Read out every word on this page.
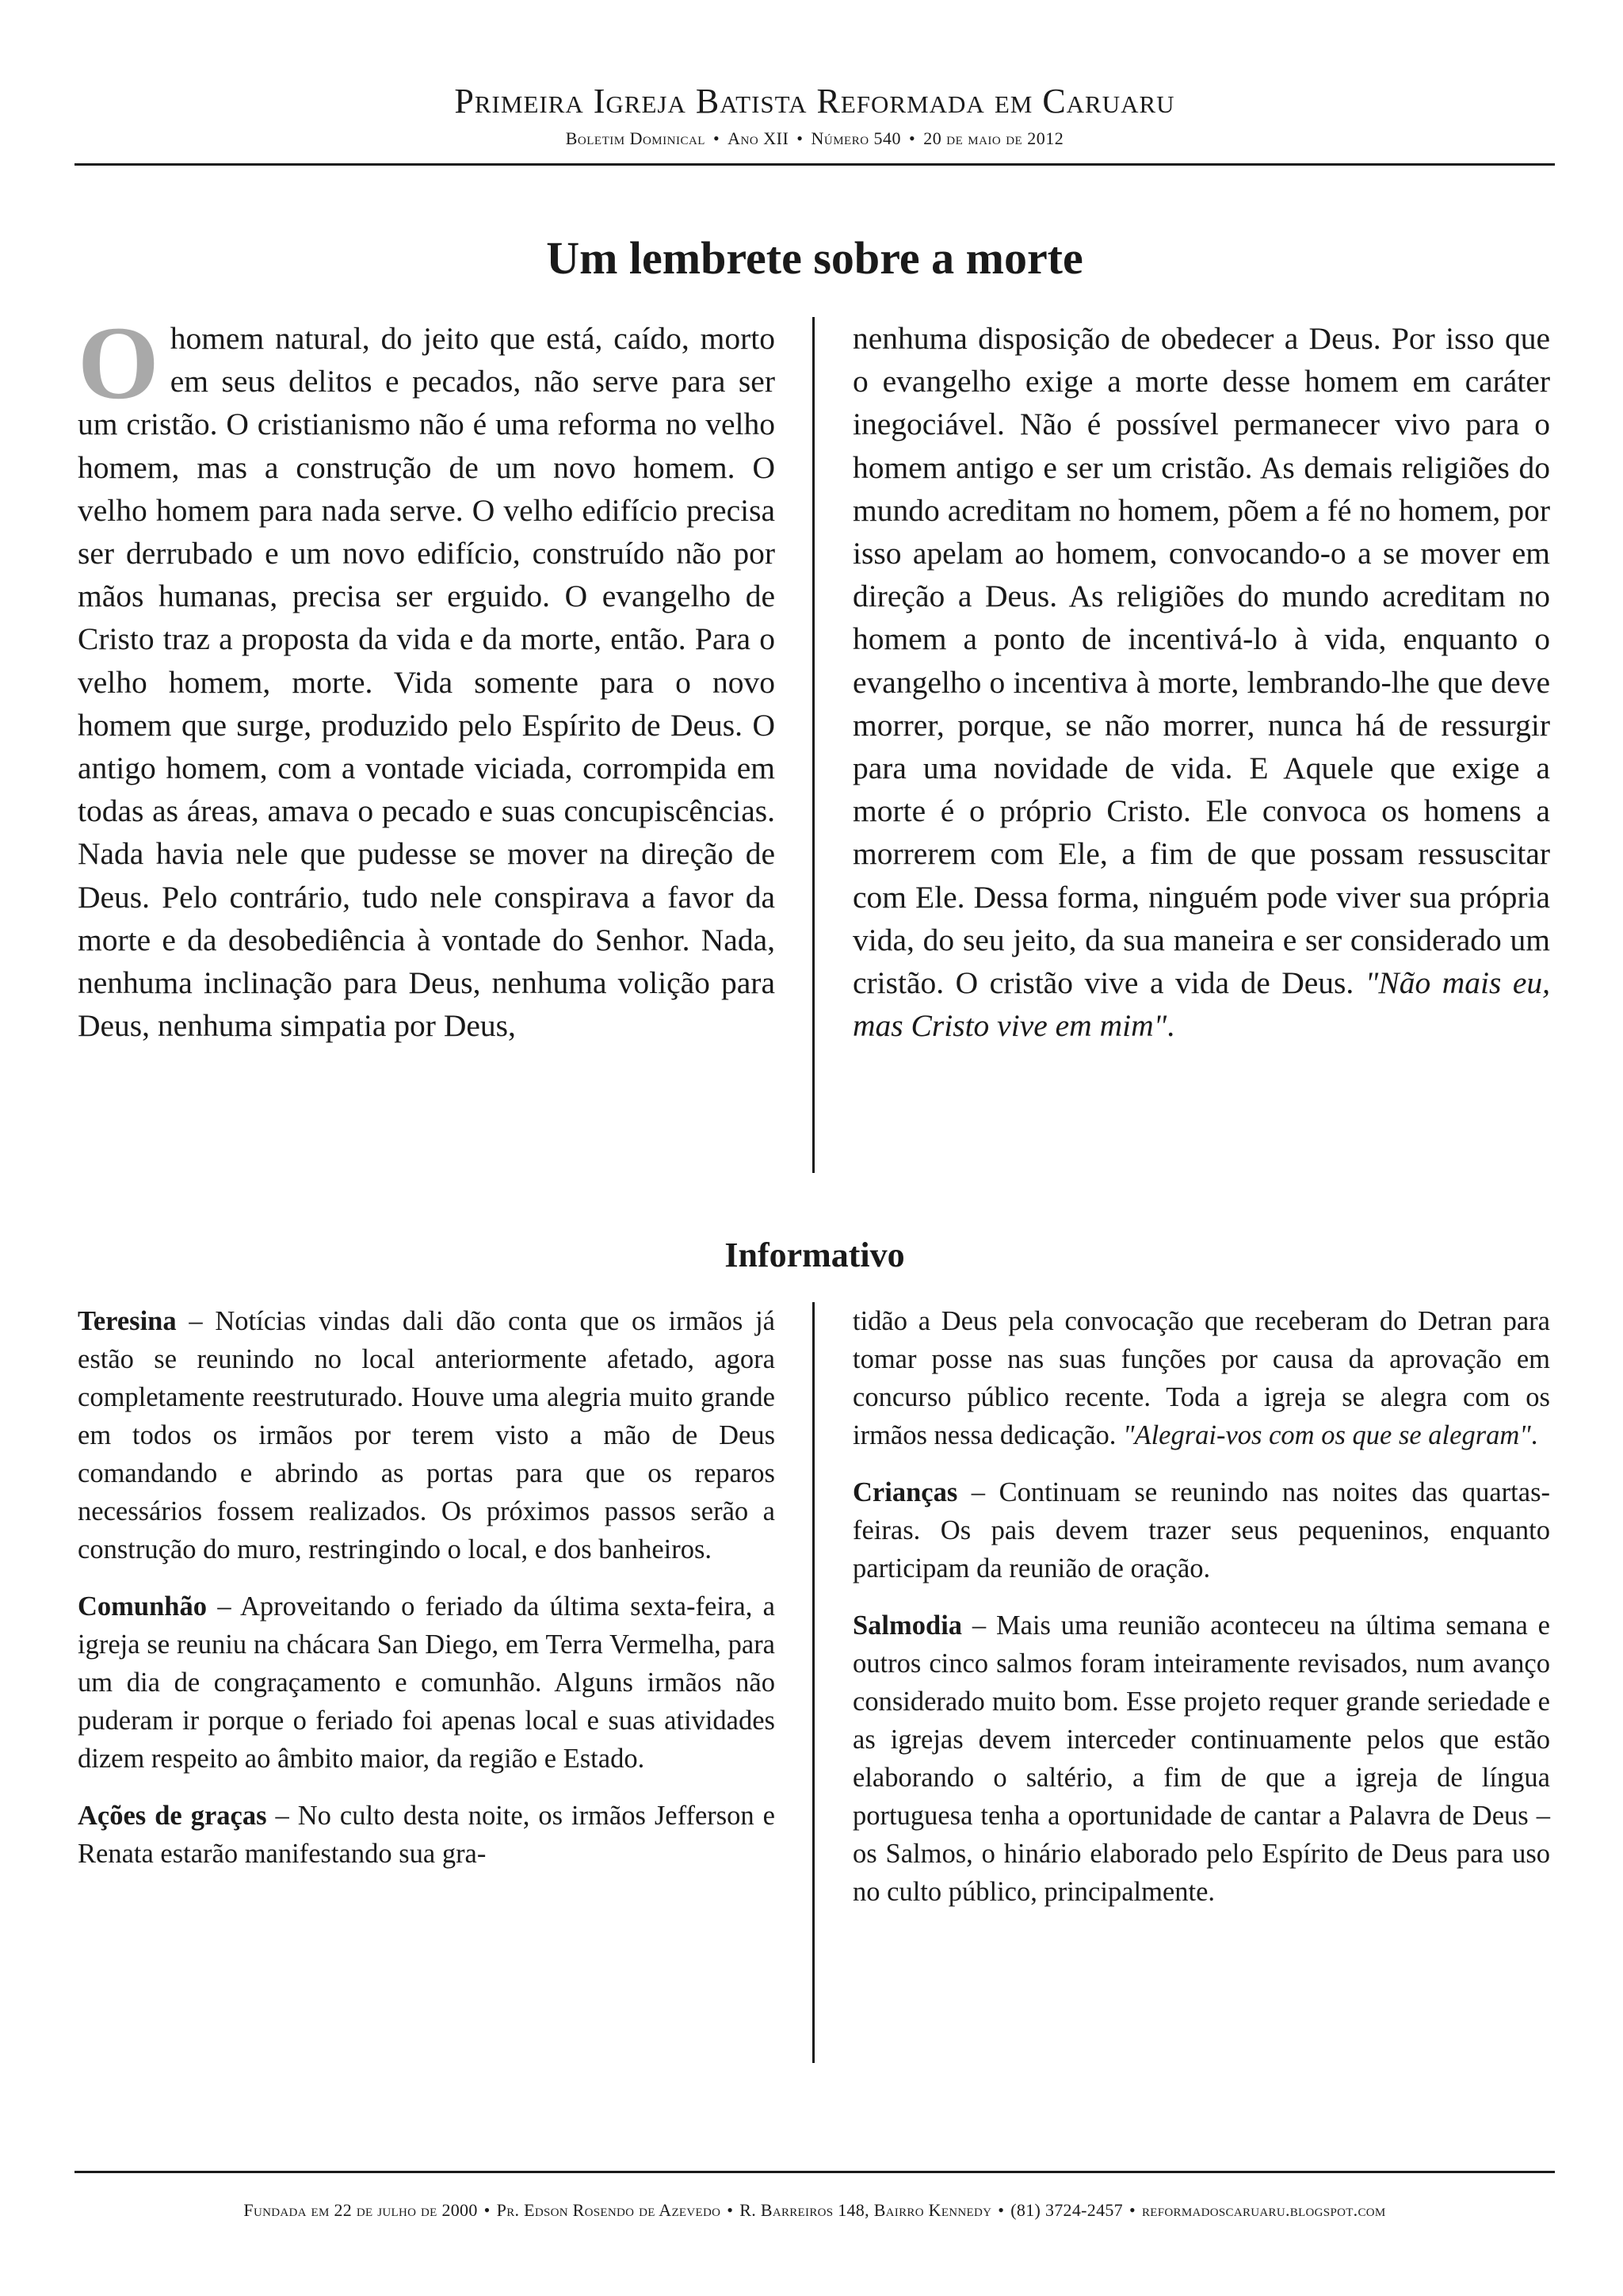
Primeira Igreja Batista Reformada em Caruaru
Boletim Dominical • Ano XII • Número 540 • 20 de maio de 2012
Um lembrete sobre a morte

O homem natural, do jeito que está, caído, morto em seus delitos e pecados, não serve para ser um cristão. O cristianismo não é uma reforma no velho homem, mas a construção de um novo homem. O velho homem para nada serve. O velho edifício precisa ser derrubado e um novo edifício, construído não por mãos humanas, precisa ser erguido. O evangelho de Cristo traz a proposta da vida e da morte, então. Para o velho homem, morte. Vida somente para o novo homem que surge, produzido pelo Espírito de Deus. O antigo homem, com a vontade viciada, corrompida em todas as áreas, amava o pecado e suas concupiscências. Nada havia nele que pudesse se mover na direção de Deus. Pelo contrário, tudo nele conspirava a favor da morte e da desobediência à vontade do Senhor. Nada, nenhuma inclinação para Deus, nenhuma volição para Deus, nenhuma simpatia por Deus,

nenhuma disposição de obedecer a Deus. Por isso que o evangelho exige a morte desse homem em caráter inegociável. Não é possível permanecer vivo para o homem antigo e ser um cristão. As demais religiões do mundo acreditam no homem, põem a fé no homem, por isso apelam ao homem, convocando-o a se mover em direção a Deus. As religiões do mundo acreditam no homem a ponto de incentivá-lo à vida, enquanto o evangelho o incentiva à morte, lembrando-lhe que deve morrer, porque, se não morrer, nunca há de ressurgir para uma novidade de vida. E Aquele que exige a morte é o próprio Cristo. Ele convoca os homens a morrerem com Ele, a fim de que possam ressuscitar com Ele. Dessa forma, ninguém pode viver sua própria vida, do seu jeito, da sua maneira e ser considerado um cristão. O cristão vive a vida de Deus. "Não mais eu, mas Cristo vive em mim".

Informativo

Teresina – Notícias vindas dali dão conta que os irmãos já estão se reunindo no local anteriormente afetado, agora completamente reestruturado. Houve uma alegria muito grande em todos os irmãos por terem visto a mão de Deus comandando e abrindo as portas para que os reparos necessários fossem realizados. Os próximos passos serão a construção do muro, restringindo o local, e dos banheiros.

Comunhão – Aproveitando o feriado da última sexta-feira, a igreja se reuniu na chácara San Diego, em Terra Vermelha, para um dia de congraçamento e comunhão. Alguns irmãos não puderam ir porque o feriado foi apenas local e suas atividades dizem respeito ao âmbito maior, da região e Estado.

Ações de graças – No culto desta noite, os irmãos Jefferson e Renata estarão manifestando sua gra-

tidão a Deus pela convocação que receberam do Detran para tomar posse nas suas funções por causa da aprovação em concurso público recente. Toda a igreja se alegra com os irmãos nessa dedicação. "Alegrai-vos com os que se alegram".

Crianças – Continuam se reunindo nas noites das quartas-feiras. Os pais devem trazer seus pequeninos, enquanto participam da reunião de oração.

Salmodia – Mais uma reunião aconteceu na última semana e outros cinco salmos foram inteiramente revisados, num avanço considerado muito bom. Esse projeto requer grande seriedade e as igrejas devem interceder continuamente pelos que estão elaborando o saltério, a fim de que a igreja de língua portuguesa tenha a oportunidade de cantar a Palavra de Deus – os Salmos, o hinário elaborado pelo Espírito de Deus para uso no culto público, principalmente.

Fundada em 22 de julho de 2000 • Pr. Edson Rosendo de Azevedo • R. Barreiros 148, Bairro Kennedy • (81) 3724-2457 • reformadoscaruaru.blogspot.com
